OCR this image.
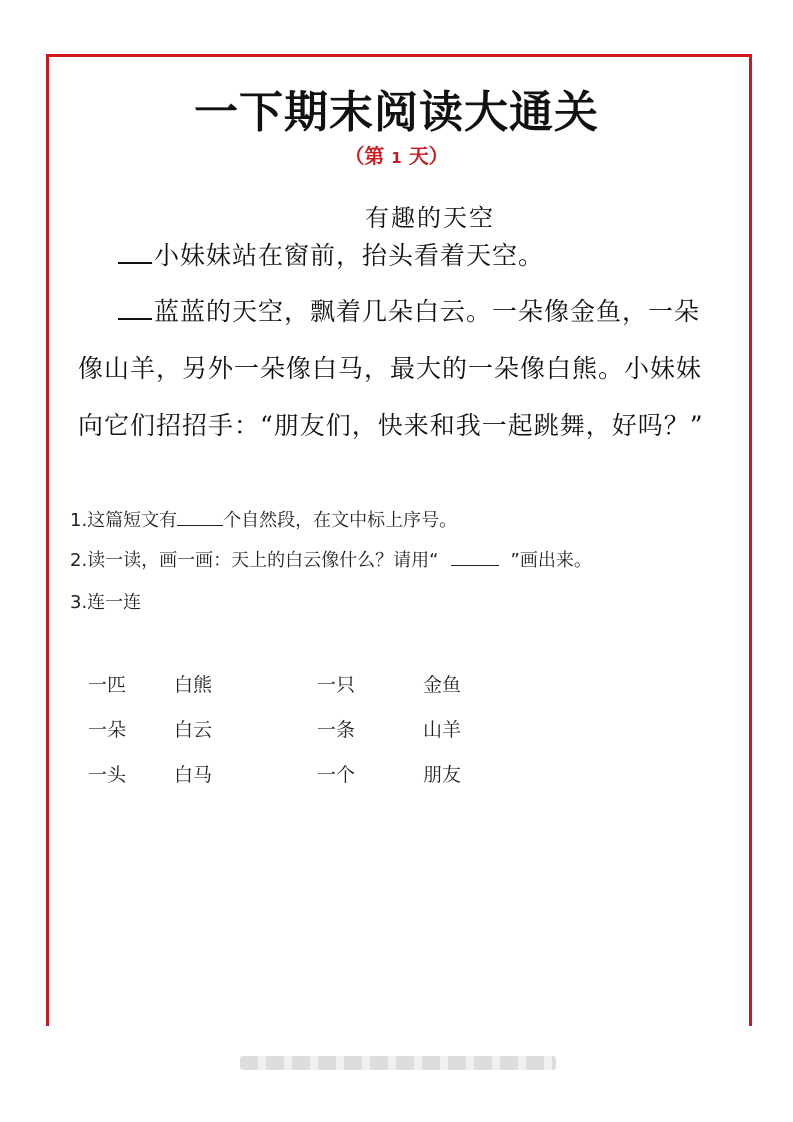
一下期末阅读大通关
（第 1 天）
有趣的天空
小妹妹站在窗前，抬头看着天空。
蓝蓝的天空，飘着几朵白云。一朵像金鱼，一朵
像山羊，另外一朵像白马，最大的一朵像白熊。小妹妹
向它们招招手：“朋友们，快来和我一起跳舞，好吗？”
1.这篇短文有	个自然段，在文中标上序号。
2.读一读，画一画：天上的白云像什么？请用“	”画出来。
3.连一连
一匹
一朵
一头
白熊
白云
白马
一只
一条
一个
金鱼
山羊
朋友
